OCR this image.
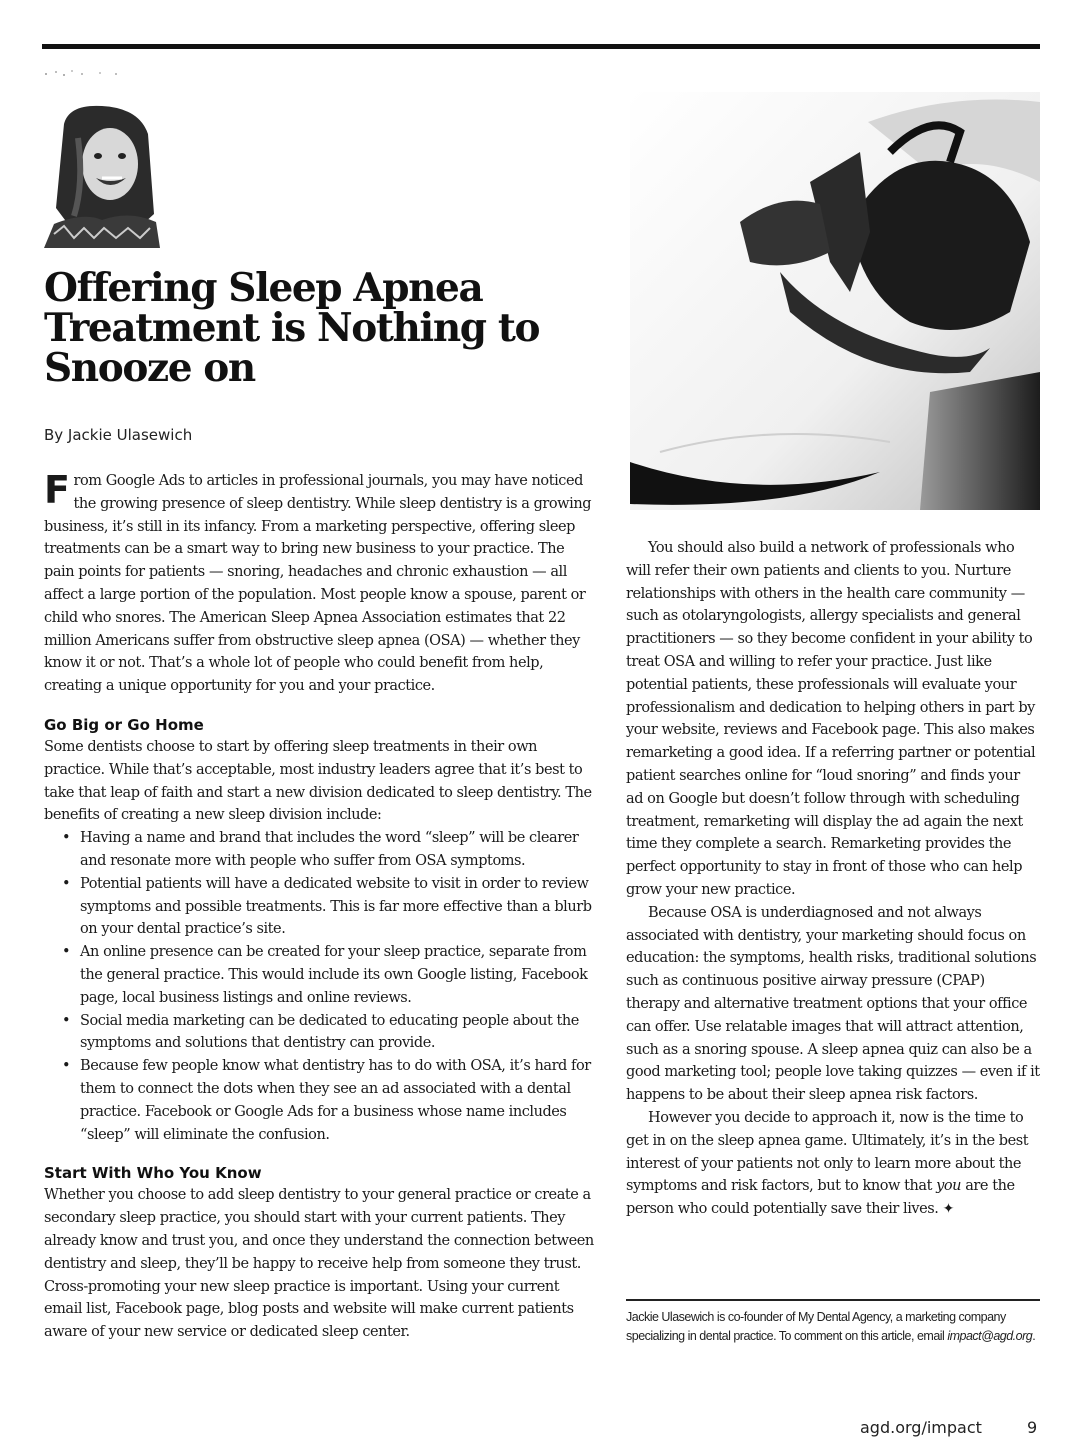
Offering Sleep Apnea
Treatment is Nothing to
Snooze on
By Jackie Ulasewich

From Google Ads to articles in professional journals, you may have noticed the growing presence of sleep dentistry. While sleep dentistry is a growing business, it’s still in its infancy. From a marketing perspective, offering sleep treatments can be a smart way to bring new business to your practice. The pain points for patients — snoring, headaches and chronic exhaustion — all affect a large portion of the population. Most people know a spouse, parent or child who snores. The American Sleep Apnea Association estimates that 22 million Americans suffer from obstructive sleep apnea (OSA) — whether they know it or not. That’s a whole lot of people who could benefit from help, creating a unique opportunity for you and your practice.

Go Big or Go Home

Some dentists choose to start by offering sleep treatments in their own practice. While that’s acceptable, most industry leaders agree that it’s best to take that leap of faith and start a new division dedicated to sleep dentistry. The benefits of creating a new sleep division include:

• Having a name and brand that includes the word “sleep” will be clearer and resonate more with people who suffer from OSA symptoms.
• Potential patients will have a dedicated website to visit in order to review symptoms and possible treatments. This is far more effective than a blurb on your dental practice’s site.
• An online presence can be created for your sleep practice, separate from the general practice. This would include its own Google listing, Facebook page, local business listings and online reviews.
• Social media marketing can be dedicated to educating people about the symptoms and solutions that dentistry can provide.
• Because few people know what dentistry has to do with OSA, it’s hard for them to connect the dots when they see an ad associated with a dental practice. Facebook or Google Ads for a business whose name includes “sleep” will eliminate the confusion.
Start With Who You Know

Whether you choose to add sleep dentistry to your general practice or create a secondary sleep practice, you should start with your current patients. They already know and trust you, and once they understand the connection between dentistry and sleep, they’ll be happy to receive help from someone they trust. Cross-promoting your new sleep practice is important. Using your current email list, Facebook page, blog posts and website will make current patients aware of your new service or dedicated sleep center.

You should also build a network of professionals who will refer their own patients and clients to you. Nurture relationships with others in the health care community — such as otolaryngologists, allergy specialists and general practitioners — so they become confident in your ability to treat OSA and willing to refer your practice. Just like potential patients, these professionals will evaluate your professionalism and dedication to helping others in part by your website, reviews and Facebook page. This also makes remarketing a good idea. If a referring partner or potential patient searches online for “loud snoring” and finds your ad on Google but doesn’t follow through with scheduling treatment, remarketing will display the ad again the next time they complete a search. Remarketing provides the perfect opportunity to stay in front of those who can help grow your new practice.

Because OSA is underdiagnosed and not always associated with dentistry, your marketing should focus on education: the symptoms, health risks, traditional solutions such as continuous positive airway pressure (CPAP) therapy and alternative treatment options that your office can offer. Use relatable images that will attract attention, such as a snoring spouse. A sleep apnea quiz can also be a good marketing tool; people love taking quizzes — even if it happens to be about their sleep apnea risk factors.

However you decide to approach it, now is the time to get in on the sleep apnea game. Ultimately, it’s in the best interest of your patients not only to learn more about the symptoms and risk factors, but to know that you are the person who could potentially save their lives. ✦

Jackie Ulasewich is co-founder of My Dental Agency, a marketing company specializing in dental practice. To comment on this article, email impact@agd.org.

agd.org/impact	9
